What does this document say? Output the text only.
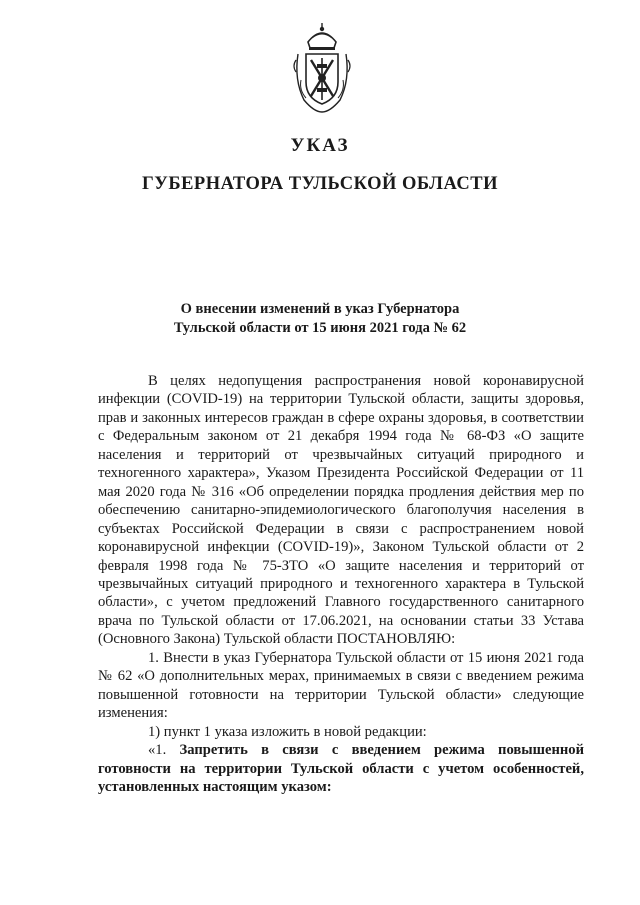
УКАЗ
ГУБЕРНАТОРА ТУЛЬСКОЙ ОБЛАСТИ
О внесении изменений в указ Губернатора
Тульской области от 15 июня 2021 года № 62

В целях недопущения распространения новой коронавирусной инфекции (COVID-19) на территории Тульской области, защиты здоровья, прав и законных интересов граждан в сфере охраны здоровья, в соответствии с Федеральным законом от 21 декабря 1994 года № 68-ФЗ «О защите населения и территорий от чрезвычайных ситуаций природного и техногенного характера», Указом Президента Российской Федерации от 11 мая 2020 года № 316 «Об определении порядка продления действия мер по обеспечению санитарно-эпидемиологического благополучия населения в субъектах Российской Федерации в связи с распространением новой коронавирусной инфекции (COVID-19)», Законом Тульской области от 2 февраля 1998 года № 75-ЗТО «О защите населения и территорий от чрезвычайных ситуаций природного и техногенного характера в Тульской области», с учетом предложений Главного государственного санитарного врача по Тульской области от 17.06.2021, на основании статьи 33 Устава (Основного Закона) Тульской области ПОСТАНОВЛЯЮ:

1. Внести в указ Губернатора Тульской области от 15 июня 2021 года № 62 «О дополнительных мерах, принимаемых в связи с введением режима повышенной готовности на территории Тульской области» следующие изменения:

1) пункт 1 указа изложить в новой редакции:

«1. Запретить в связи с введением режима повышенной готовности на территории Тульской области с учетом особенностей, установленных настоящим указом:
